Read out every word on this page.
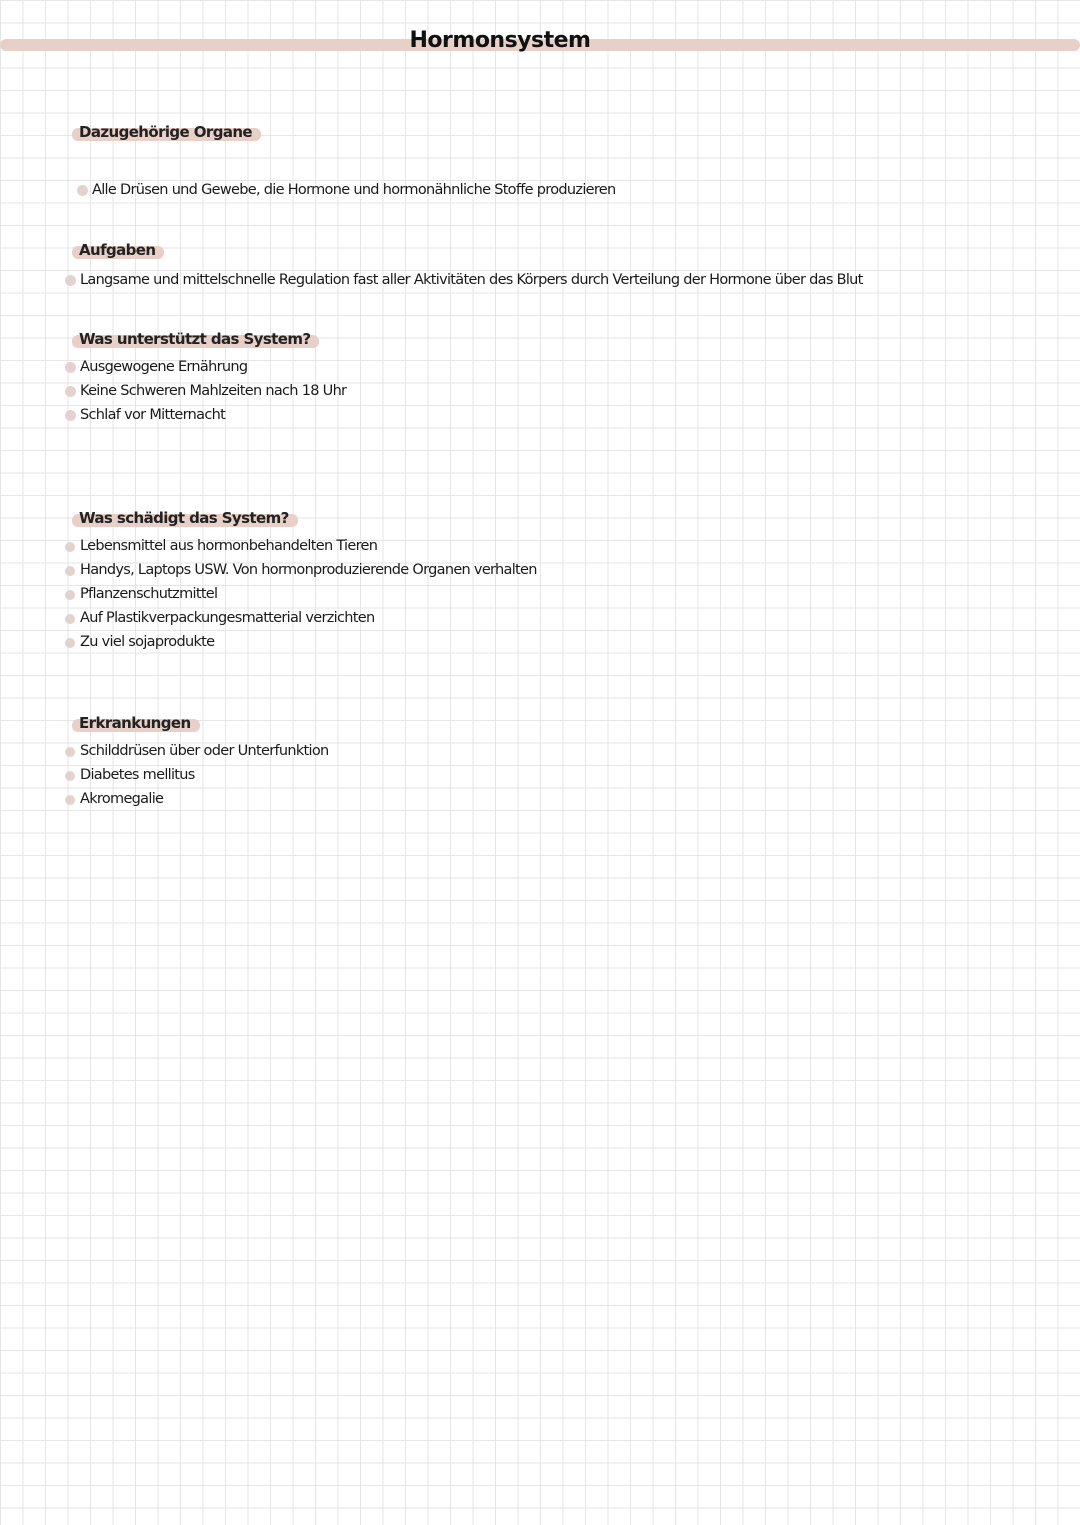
Hormonsystem
Dazugehörige Organe
Alle Drüsen und Gewebe, die Hormone und hormonähnliche Stoffe produzieren
Aufgaben
Langsame und mittelschnelle Regulation fast aller Aktivitäten des Körpers durch Verteilung der Hormone über das Blut
Was unterstützt das System?
Ausgewogene Ernährung
Keine Schweren Mahlzeiten nach 18 Uhr
Schlaf vor Mitternacht
Was schädigt das System?
Lebensmittel aus hormonbehandelten Tieren
Handys, Laptops USW. Von hormonproduzierende Organen verhalten
Pflanzenschutzmittel
Auf Plastikverpackungesmatterial verzichten
Zu viel sojaprodukte
Erkrankungen
Schilddrüsen über oder Unterfunktion
Diabetes mellitus
Akromegalie
